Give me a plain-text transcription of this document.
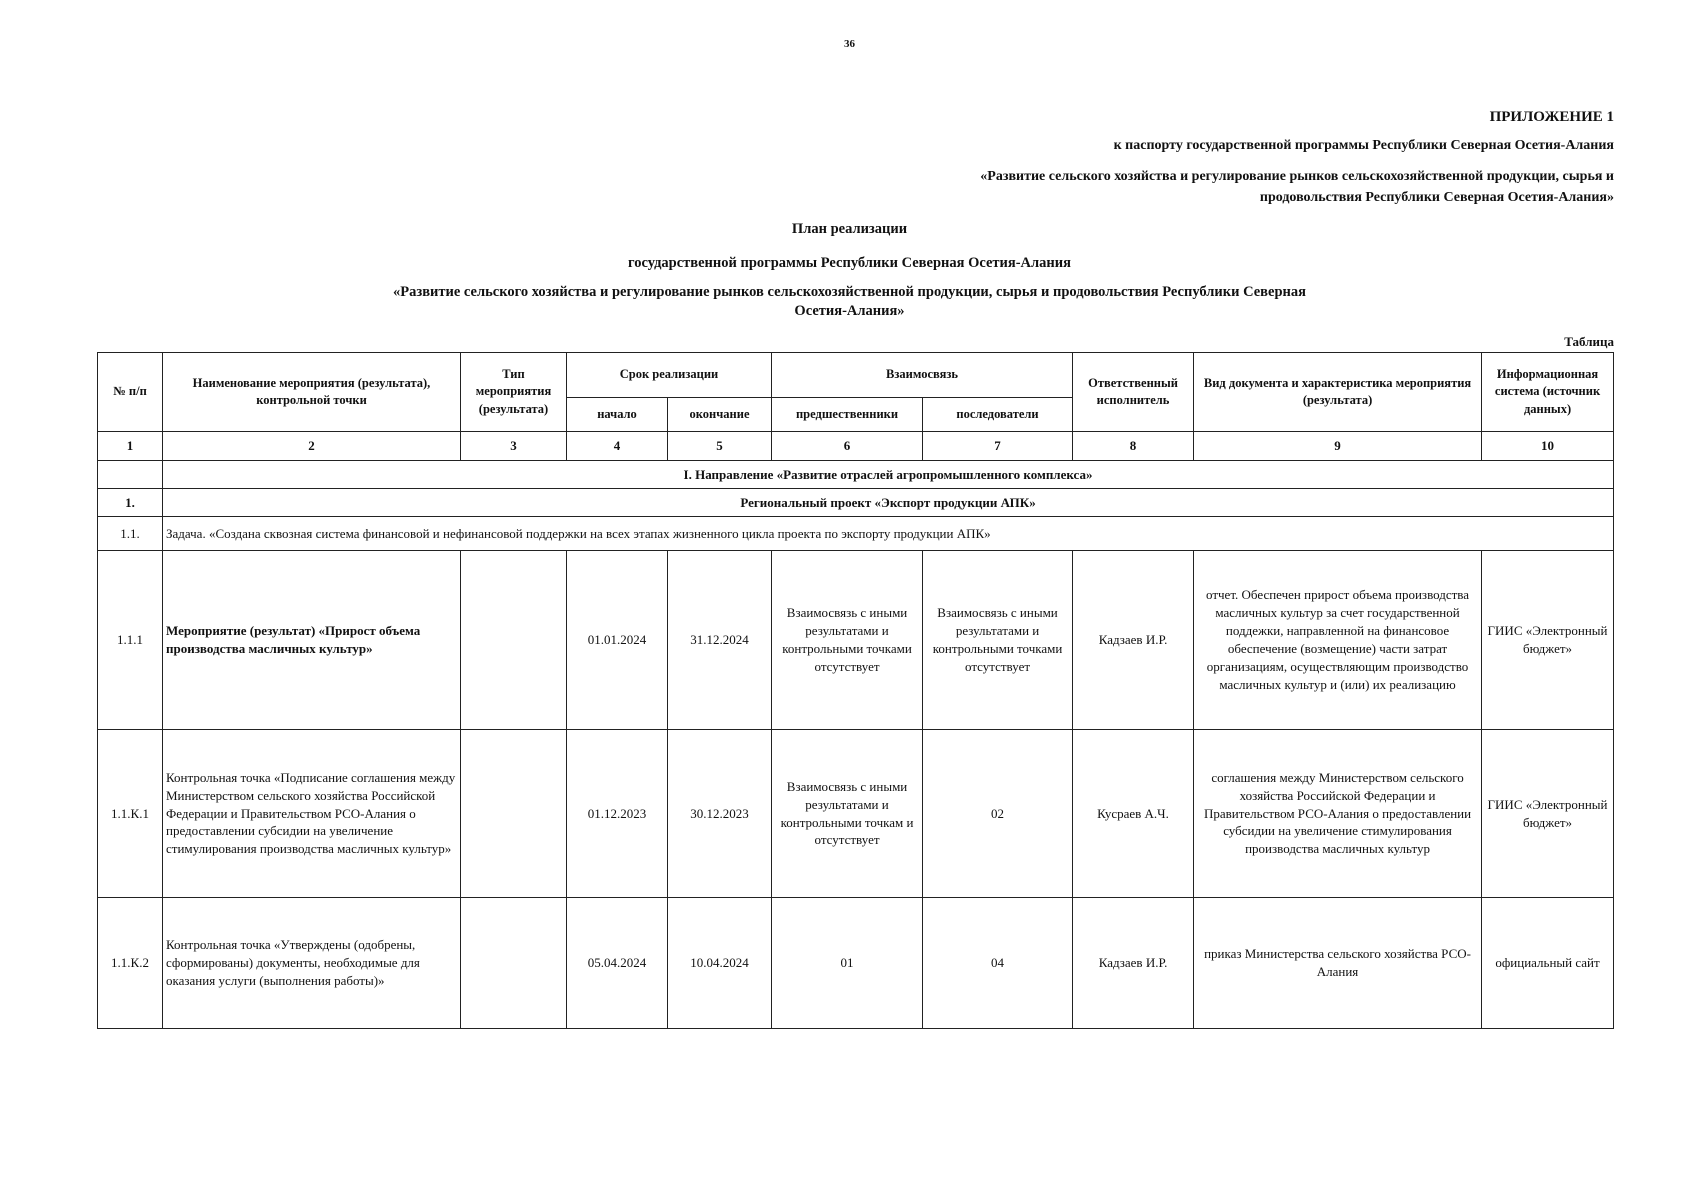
36
ПРИЛОЖЕНИЕ 1
к паспорту государственной программы Республики Северная Осетия-Алания
«Развитие сельского хозяйства и регулирование рынков сельскохозяйственной продукции, сырья и
продовольствия Республики Северная Осетия-Алания»
План реализации
государственной программы Республики Северная Осетия-Алания
«Развитие сельского хозяйства и регулирование рынков сельскохозяйственной продукции, сырья и продовольствия Республики Северная
Осетия-Алания»
Таблица
№ п/п	Наименование мероприятия (результата), контрольной точки	Тип мероприятия (результата)	Срок реализации		Взаимосвязь		Ответственный исполнитель	Вид документа и характеристика мероприятия (результата)	Информационная система (источник данных)
			начало	окончание	предшественники	последователи			
1	2	3	4	5	6	7	8	9	10
	I. Направление «Развитие отраслей агропромышленного комплекса»								
1.	Региональный проект «Экспорт продукции АПК»								
1.1.	Задача. «Создана сквозная система финансовой и нефинансовой поддержки на всех этапах жизненного цикла проекта по экспорту продукции АПК»								
1.1.1	Мероприятие (результат) «Прирост объема производства масличных культур»		01.01.2024	31.12.2024	Взаимосвязь с иными результатами и контрольными точками отсутствует	Взаимосвязь с иными результатами и контрольными точками отсутствует	Кадзаев И.Р.	отчет. Обеспечен прирост объема производства масличных культур за счет государственной поддежки, направленной на финансовое обеспечение (возмещение) части затрат организациям, осуществляющим производство масличных культур и (или) их реализацию	ГИИС «Электронный бюджет»
1.1.К.1	Контрольная точка «Подписание соглашения между Министерством сельского хозяйства Российской Федерации и Правительством РСО-Алания о предоставлении субсидии на увеличение стимулирования производства масличных культур»		01.12.2023	30.12.2023	Взаимосвязь с иными результатами и контрольными точкам и отсутствует	02	Кусраев А.Ч.	соглашения между Министерством сельского хозяйства Российской Федерации и Правительством РСО-Алания о предоставлении субсидии на увеличение стимулирования производства масличных культур	ГИИС «Электронный бюджет»
1.1.К.2	Контрольная точка «Утверждены (одобрены, сформированы) документы, необходимые для оказания услуги (выполнения работы)»		05.04.2024	10.04.2024	01	04	Кадзаев И.Р.	приказ Министерства сельского хозяйства РСО-Алания	официальный сайт
